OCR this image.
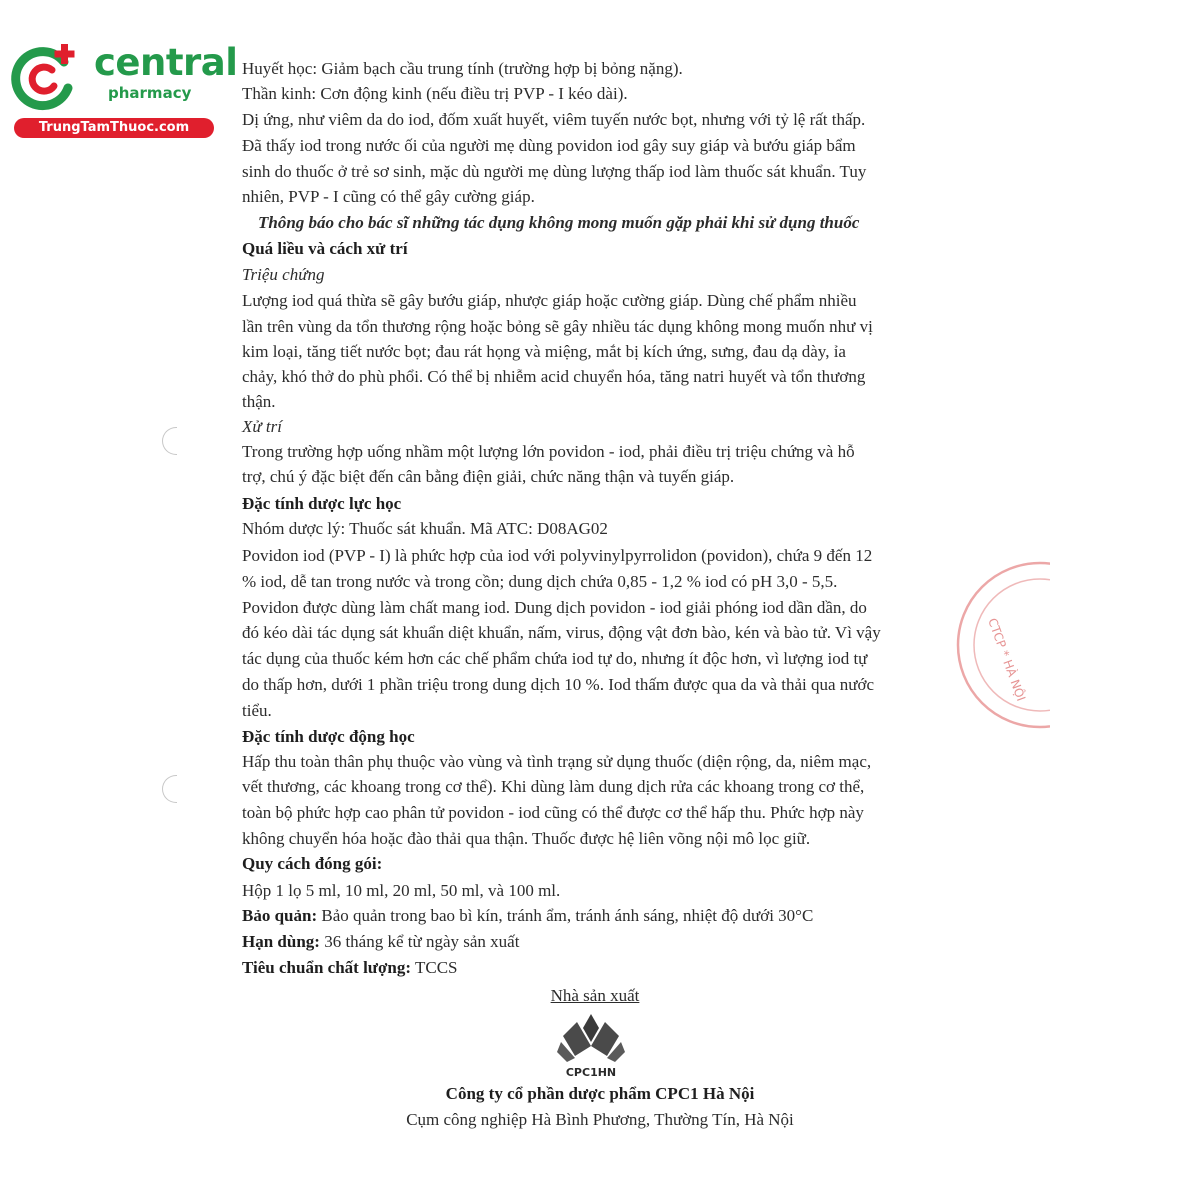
central
pharmacy
TrungTamThuoc.com
Huyết học: Giảm bạch cầu trung tính (trường hợp bị bỏng nặng).
Thần kinh: Cơn động kinh (nếu điều trị PVP - I kéo dài).
Dị ứng, như viêm da do iod, đốm xuất huyết, viêm tuyến nước bọt, nhưng với tỷ lệ rất thấp.
Đã thấy iod trong nước ối của người mẹ dùng povidon iod gây suy giáp và bướu giáp bẩm
sinh do thuốc ở trẻ sơ sinh, mặc dù người mẹ dùng lượng thấp iod làm thuốc sát khuẩn. Tuy
nhiên, PVP - I cũng có thể gây cường giáp.
Thông báo cho bác sĩ những tác dụng không mong muốn gặp phải khi sử dụng thuốc
Quá liều và cách xử trí
Triệu chứng
Lượng iod quá thừa sẽ gây bướu giáp, nhược giáp hoặc cường giáp. Dùng chế phẩm nhiều
lần trên vùng da tổn thương rộng hoặc bỏng sẽ gây nhiều tác dụng không mong muốn như vị
kim loại, tăng tiết nước bọt; đau rát họng và miệng, mắt bị kích ứng, sưng, đau dạ dày, ỉa
chảy, khó thở do phù phổi. Có thể bị nhiễm acid chuyển hóa, tăng natri huyết và tổn thương
thận.
Xử trí
Trong trường hợp uống nhầm một lượng lớn povidon - iod, phải điều trị triệu chứng và hỗ
trợ, chú ý đặc biệt đến cân bằng điện giải, chức năng thận và tuyến giáp.
Đặc tính dược lực học
Nhóm dược lý: Thuốc sát khuẩn. Mã ATC: D08AG02
Povidon iod (PVP - I) là phức hợp của iod với polyvinylpyrrolidon (povidon), chứa 9 đến 12
% iod, dễ tan trong nước và trong cồn; dung dịch chứa 0,85 - 1,2 % iod có pH 3,0 - 5,5.
Povidon được dùng làm chất mang iod. Dung dịch povidon - iod giải phóng iod dần dần, do
đó kéo dài tác dụng sát khuẩn diệt khuẩn, nấm, virus, động vật đơn bào, kén và bào tử. Vì vậy
tác dụng của thuốc kém hơn các chế phẩm chứa iod tự do, nhưng ít độc hơn, vì lượng iod tự
do thấp hơn, dưới 1 phần triệu trong dung dịch 10 %. Iod thấm được qua da và thải qua nước
tiểu.
Đặc tính dược động học
Hấp thu toàn thân phụ thuộc vào vùng và tình trạng sử dụng thuốc (diện rộng, da, niêm mạc,
vết thương, các khoang trong cơ thể). Khi dùng làm dung dịch rửa các khoang trong cơ thể,
toàn bộ phức hợp cao phân tử povidon - iod cũng có thể được cơ thể hấp thu. Phức hợp này
không chuyển hóa hoặc đào thải qua thận. Thuốc được hệ liên võng nội mô lọc giữ.
Quy cách đóng gói:
Hộp 1 lọ 5 ml, 10 ml, 20 ml, 50 ml, và 100 ml.
Bảo quản: Bảo quản trong bao bì kín, tránh ẩm, tránh ánh sáng, nhiệt độ dưới 30°C
Hạn dùng: 36 tháng kể từ ngày sản xuất
Tiêu chuẩn chất lượng: TCCS
Nhà sản xuất
CPC1HN
Công ty cổ phần dược phẩm CPC1 Hà Nội
Cụm công nghiệp Hà Bình Phương, Thường Tín, Hà Nội
CTCP * HÀ NỘI
